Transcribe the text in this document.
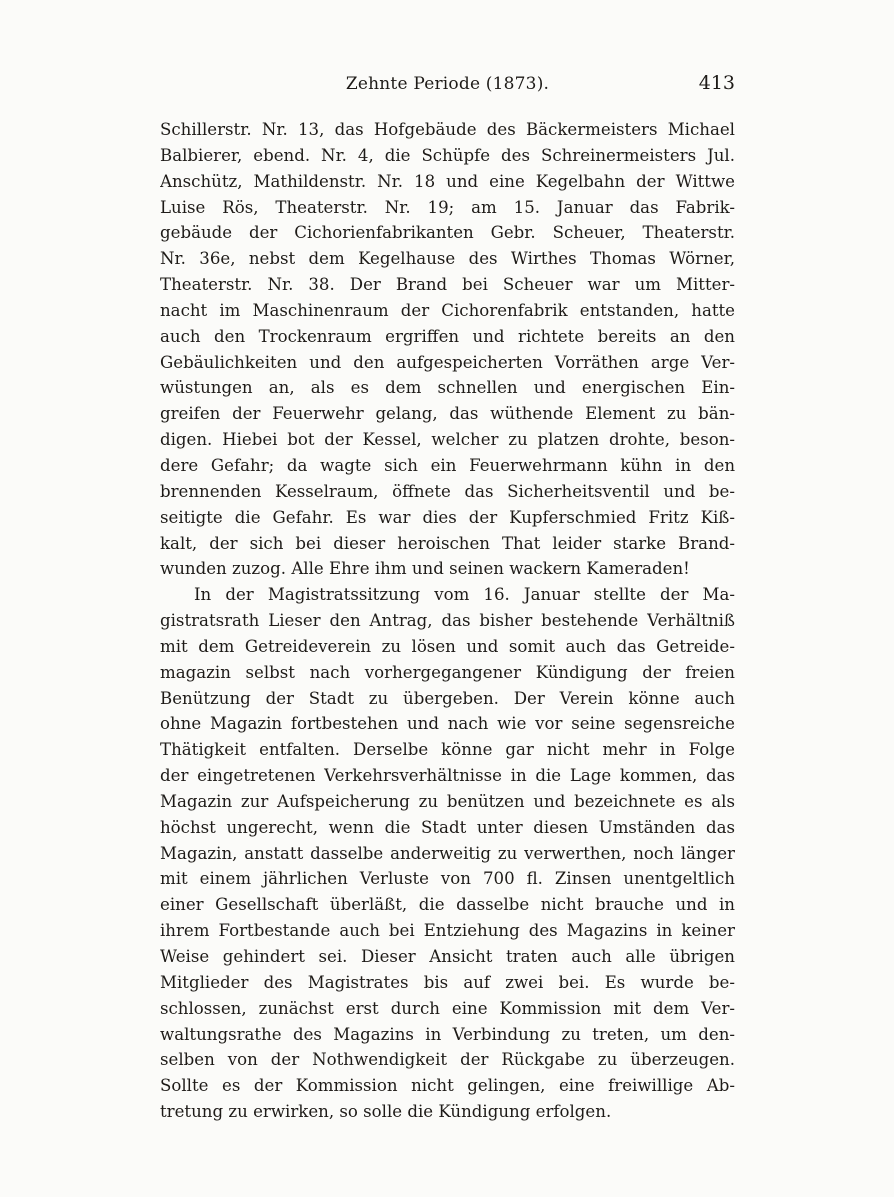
Zehnte Periode (1873).	413
Schillerstr. Nr. 13, das Hofgebäude des Bäckermeisters Michael
Balbierer, ebend. Nr. 4, die Schüpfe des Schreinermeisters Jul.
Anschütz, Mathildenstr. Nr. 18 und eine Kegelbahn der Wittwe
Luise Rös, Theaterstr. Nr. 19; am 15. Januar das Fabrik-
gebäude der Cichorienfabrikanten Gebr. Scheuer, Theaterstr.
Nr. 36e, nebst dem Kegelhause des Wirthes Thomas Wörner,
Theaterstr. Nr. 38. Der Brand bei Scheuer war um Mitter-
nacht im Maschinenraum der Cichorenfabrik entstanden, hatte
auch den Trockenraum ergriffen und richtete bereits an den
Gebäulichkeiten und den aufgespeicherten Vorräthen arge Ver-
wüstungen an, als es dem schnellen und energischen Ein-
greifen der Feuerwehr gelang, das wüthende Element zu bän-
digen. Hiebei bot der Kessel, welcher zu platzen drohte, beson-
dere Gefahr; da wagte sich ein Feuerwehrmann kühn in den
brennenden Kesselraum, öffnete das Sicherheitsventil und be-
seitigte die Gefahr. Es war dies der Kupferschmied Fritz Kiß-
kalt, der sich bei dieser heroischen That leider starke Brand-
wunden zuzog. Alle Ehre ihm und seinen wackern Kameraden!
In der Magistratssitzung vom 16. Januar stellte der Ma-
gistratsrath Lieser den Antrag, das bisher bestehende Verhältniß
mit dem Getreideverein zu lösen und somit auch das Getreide-
magazin selbst nach vorhergegangener Kündigung der freien
Benützung der Stadt zu übergeben. Der Verein könne auch
ohne Magazin fortbestehen und nach wie vor seine segensreiche
Thätigkeit entfalten. Derselbe könne gar nicht mehr in Folge
der eingetretenen Verkehrsverhältnisse in die Lage kommen, das
Magazin zur Aufspeicherung zu benützen und bezeichnete es als
höchst ungerecht, wenn die Stadt unter diesen Umständen das
Magazin, anstatt dasselbe anderweitig zu verwerthen, noch länger
mit einem jährlichen Verluste von 700 fl. Zinsen unentgeltlich
einer Gesellschaft überläßt, die dasselbe nicht brauche und in
ihrem Fortbestande auch bei Entziehung des Magazins in keiner
Weise gehindert sei. Dieser Ansicht traten auch alle übrigen
Mitglieder des Magistrates bis auf zwei bei. Es wurde be-
schlossen, zunächst erst durch eine Kommission mit dem Ver-
waltungsrathe des Magazins in Verbindung zu treten, um den-
selben von der Nothwendigkeit der Rückgabe zu überzeugen.
Sollte es der Kommission nicht gelingen, eine freiwillige Ab-
tretung zu erwirken, so solle die Kündigung erfolgen.
